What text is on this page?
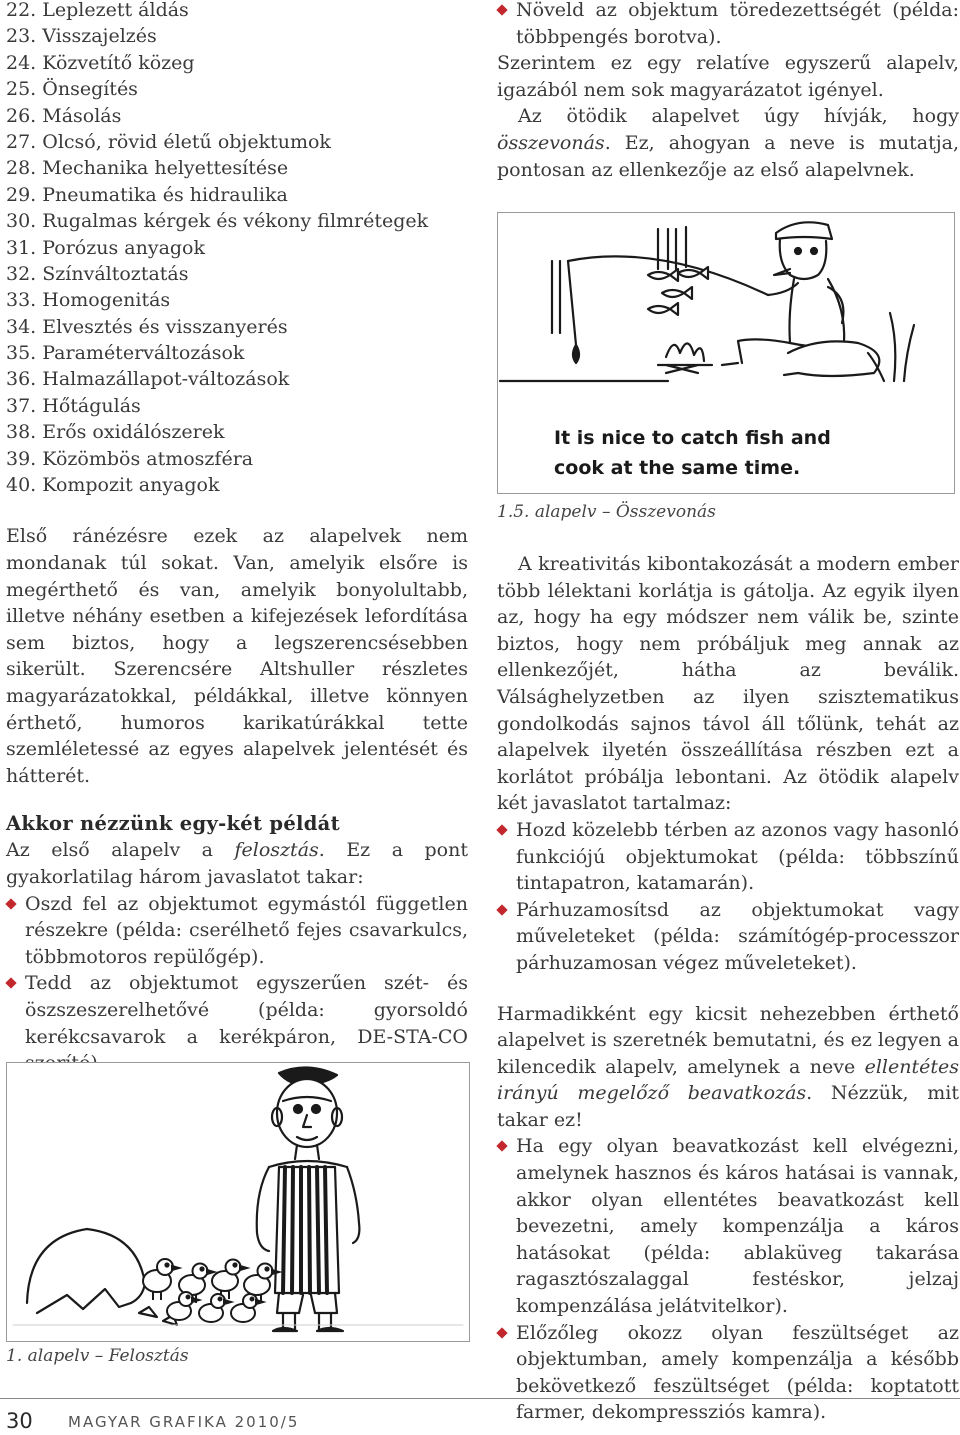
22. Leplezett áldás
23. Visszajelzés
24. Közvetítő közeg
25. Önsegítés
26. Másolás
27. Olcsó, rövid életű objektumok
28. Mechanika helyettesítése
29. Pneumatika és hidraulika
30. Rugalmas kérgek és vékony filmrétegek
31. Porózus anyagok
32. Színváltoztatás
33. Homogenitás
34. Elvesztés és visszanyerés
35. Paraméterváltozások
36. Halmazállapot-változások
37. Hőtágulás
38. Erős oxidálószerek
39. Közömbös atmoszféra
40. Kompozit anyagok

Első ránézésre ezek az alapelvek nem mondanak túl sokat. Van, amelyik elsőre is megérthető és van, amelyik bonyolultabb, illetve néhány esetben a kifejezések lefordítása sem biztos, hogy a legszerencsésebben sikerült. Szerencsére Altshuller részletes magyarázatokkal, példákkal, illetve könnyen érthető, humoros karikatúrákkal tette szemléletessé az egyes alapelvek jelentését és hátterét.

Akkor nézzünk egy-két példát

Az első alapelv a felosztás. Ez a pont gyakorlatilag három javaslatot takar:

Oszd fel az objektumot egymástól független részekre (példa: cserélhető fejes csavarkulcs, többmotoros repülőgép).
Tedd az objektumot egyszerűen szét- és öszszeszerelhetővé (példa: gyorsoldó kerékcsavarok a kerékpáron, DE-STA-CO

1. alapelv – Felosztás

Növeld az objektum töredezettségét (példa: többpengés borotva).

Szerintem ez egy relatíve egyszerű alapelv, igazából nem sok magyarázatot igényel.

Az ötödik alapelvet úgy hívják, hogy összevonás. Ez, ahogyan a neve is mutatja, pontosan az ellenkezője az első alapelvnek.

It is nice to catch fish and
cook at the same time.

1.5. alapelv – Összevonás

A kreativitás kibontakozását a modern ember több lélektani korlátja is gátolja. Az egyik ilyen az, hogy ha egy módszer nem válik be, szinte biztos, hogy nem próbáljuk meg annak az ellenkezőjét, hátha az beválik. Válsághelyzetben az ilyen szisztematikus gondolkodás sajnos távol áll tőlünk, tehát az alapelvek ilyetén összeállítása részben ezt a korlátot próbálja lebontani. Az ötödik alapelv két javaslatot tartalmaz:

Hozd közelebb térben az azonos vagy hasonló funkciójú objektumokat (példa: többszínű tintapatron, katamarán).
Párhuzamosítsd az objektumokat vagy műveleteket (példa: számítógép-processzor párhuzamosan végez műveleteket).

Harmadikként egy kicsit nehezebben érthető alapelvet is szeretnék bemutatni, és ez legyen a kilencedik alapelv, amelynek a neve ellentétes irányú megelőző beavatkozás. Nézzük, mit takar ez!

Ha egy olyan beavatkozást kell elvégezni, amelynek hasznos és káros hatásai is vannak, akkor olyan ellentétes beavatkozást kell bevezetni, amely kompenzálja a káros hatásokat (példa: ablaküveg takarása ragasztószalaggal festéskor, jelzaj kompenzálása jelátvitelkor).
Előzőleg okozz olyan feszültséget az objektumban, amely kompenzálja a később bekövetkező feszültséget (példa: koptatott farmer, dekompressziós kamra).
30 MAGYAR GRAFIKA 2010/5
